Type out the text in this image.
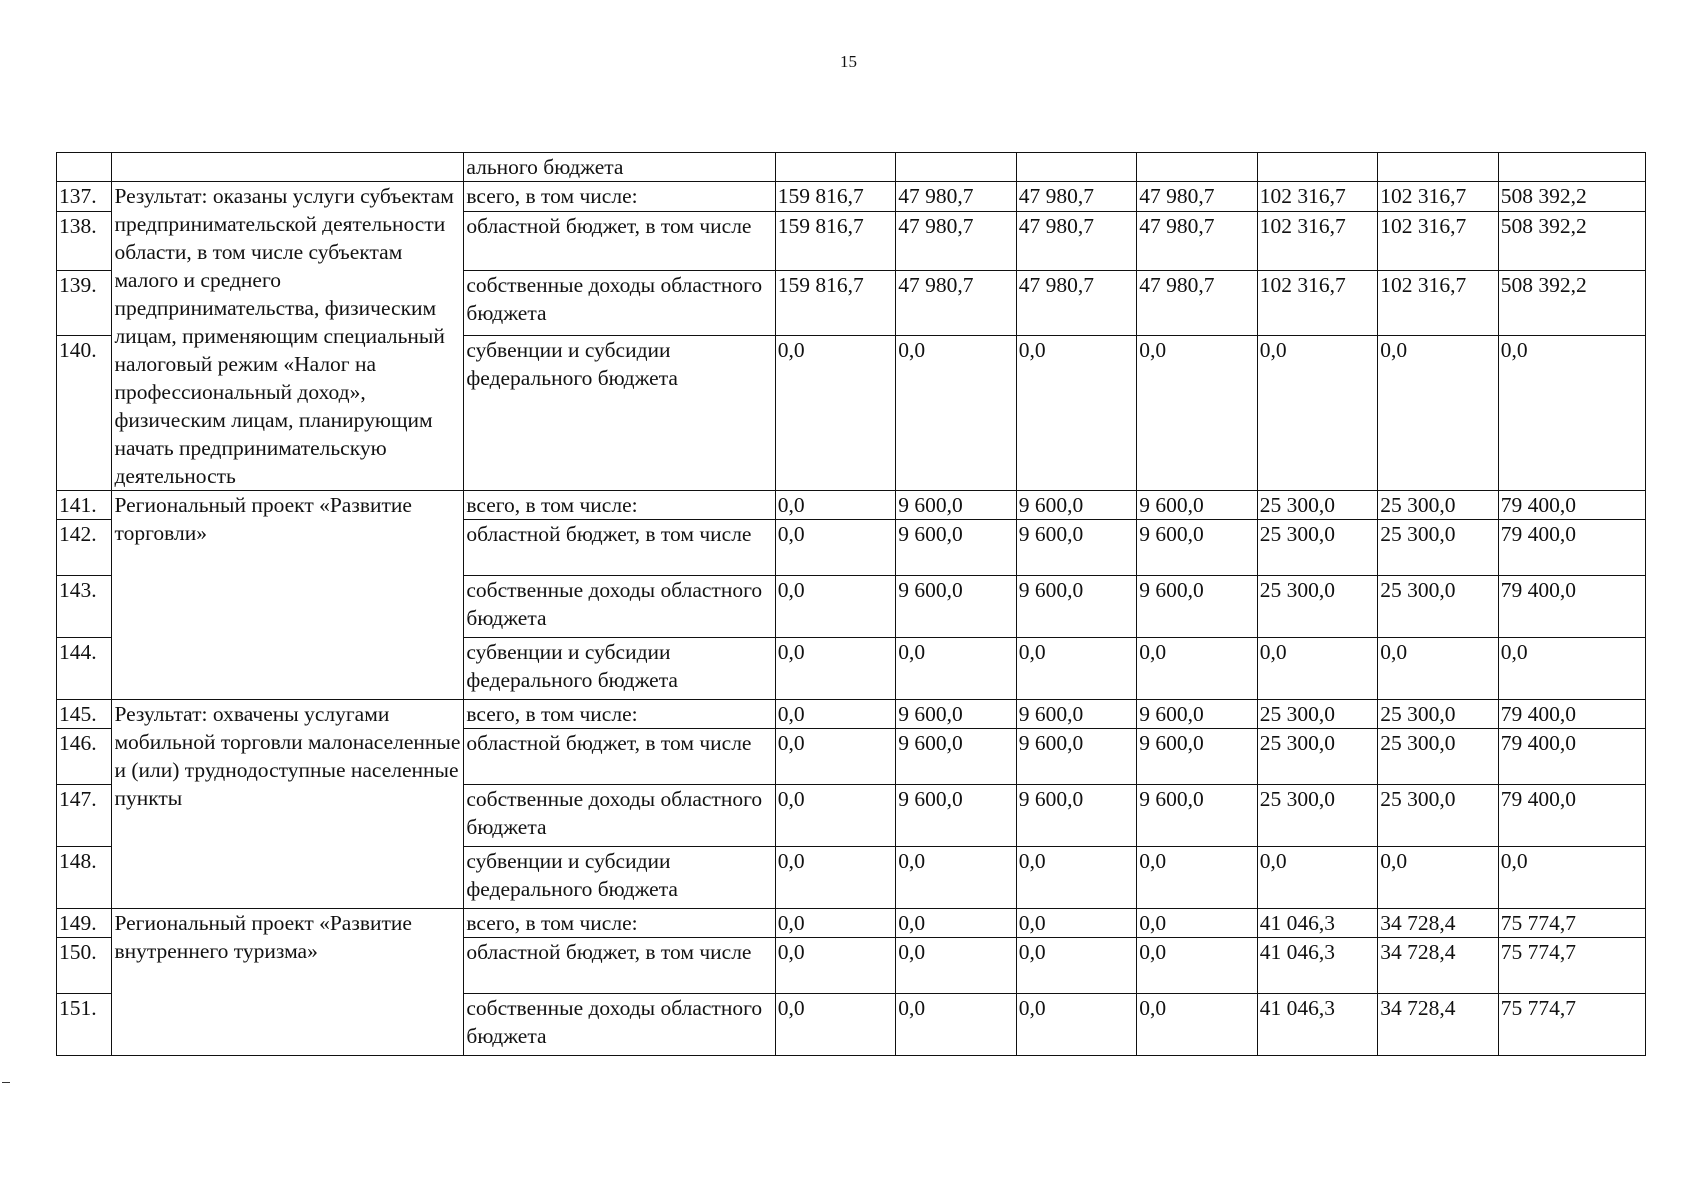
15
		ального бюджета							
137.	Результат: оказаны услуги субъектам предпринимательской деятельности области, в том числе субъектам малого и среднего предпринимательства, физическим лицам, применяющим специальный налоговый режим «Налог на профессиональный доход», физическим лицам, планирующим начать предпринимательскую деятельность	всего, в том числе:	159 816,7	47 980,7	47 980,7	47 980,7	102 316,7	102 316,7	508 392,2
138.		областной бюджет, в том числе	159 816,7	47 980,7	47 980,7	47 980,7	102 316,7	102 316,7	508 392,2
139.		собственные доходы областного бюджета	159 816,7	47 980,7	47 980,7	47 980,7	102 316,7	102 316,7	508 392,2
140.		субвенции и субсидии федерального бюджета	0,0	0,0	0,0	0,0	0,0	0,0	0,0
141.	Региональный проект «Развитие торговли»	всего, в том числе:	0,0	9 600,0	9 600,0	9 600,0	25 300,0	25 300,0	79 400,0
142.		областной бюджет, в том числе	0,0	9 600,0	9 600,0	9 600,0	25 300,0	25 300,0	79 400,0
143.		собственные доходы областного бюджета	0,0	9 600,0	9 600,0	9 600,0	25 300,0	25 300,0	79 400,0
144.		субвенции и субсидии федерального бюджета	0,0	0,0	0,0	0,0	0,0	0,0	0,0
145.	Результат: охвачены услугами мобильной торговли малонаселенные и (или) труднодоступные населенные пункты	всего, в том числе:	0,0	9 600,0	9 600,0	9 600,0	25 300,0	25 300,0	79 400,0
146.		областной бюджет, в том числе	0,0	9 600,0	9 600,0	9 600,0	25 300,0	25 300,0	79 400,0
147.		собственные доходы областного бюджета	0,0	9 600,0	9 600,0	9 600,0	25 300,0	25 300,0	79 400,0
148.		субвенции и субсидии федерального бюджета	0,0	0,0	0,0	0,0	0,0	0,0	0,0
149.	Региональный проект «Развитие внутреннего туризма»	всего, в том числе:	0,0	0,0	0,0	0,0	41 046,3	34 728,4	75 774,7
150.		областной бюджет, в том числе	0,0	0,0	0,0	0,0	41 046,3	34 728,4	75 774,7
151.		собственные доходы областного бюджета	0,0	0,0	0,0	0,0	41 046,3	34 728,4	75 774,7
